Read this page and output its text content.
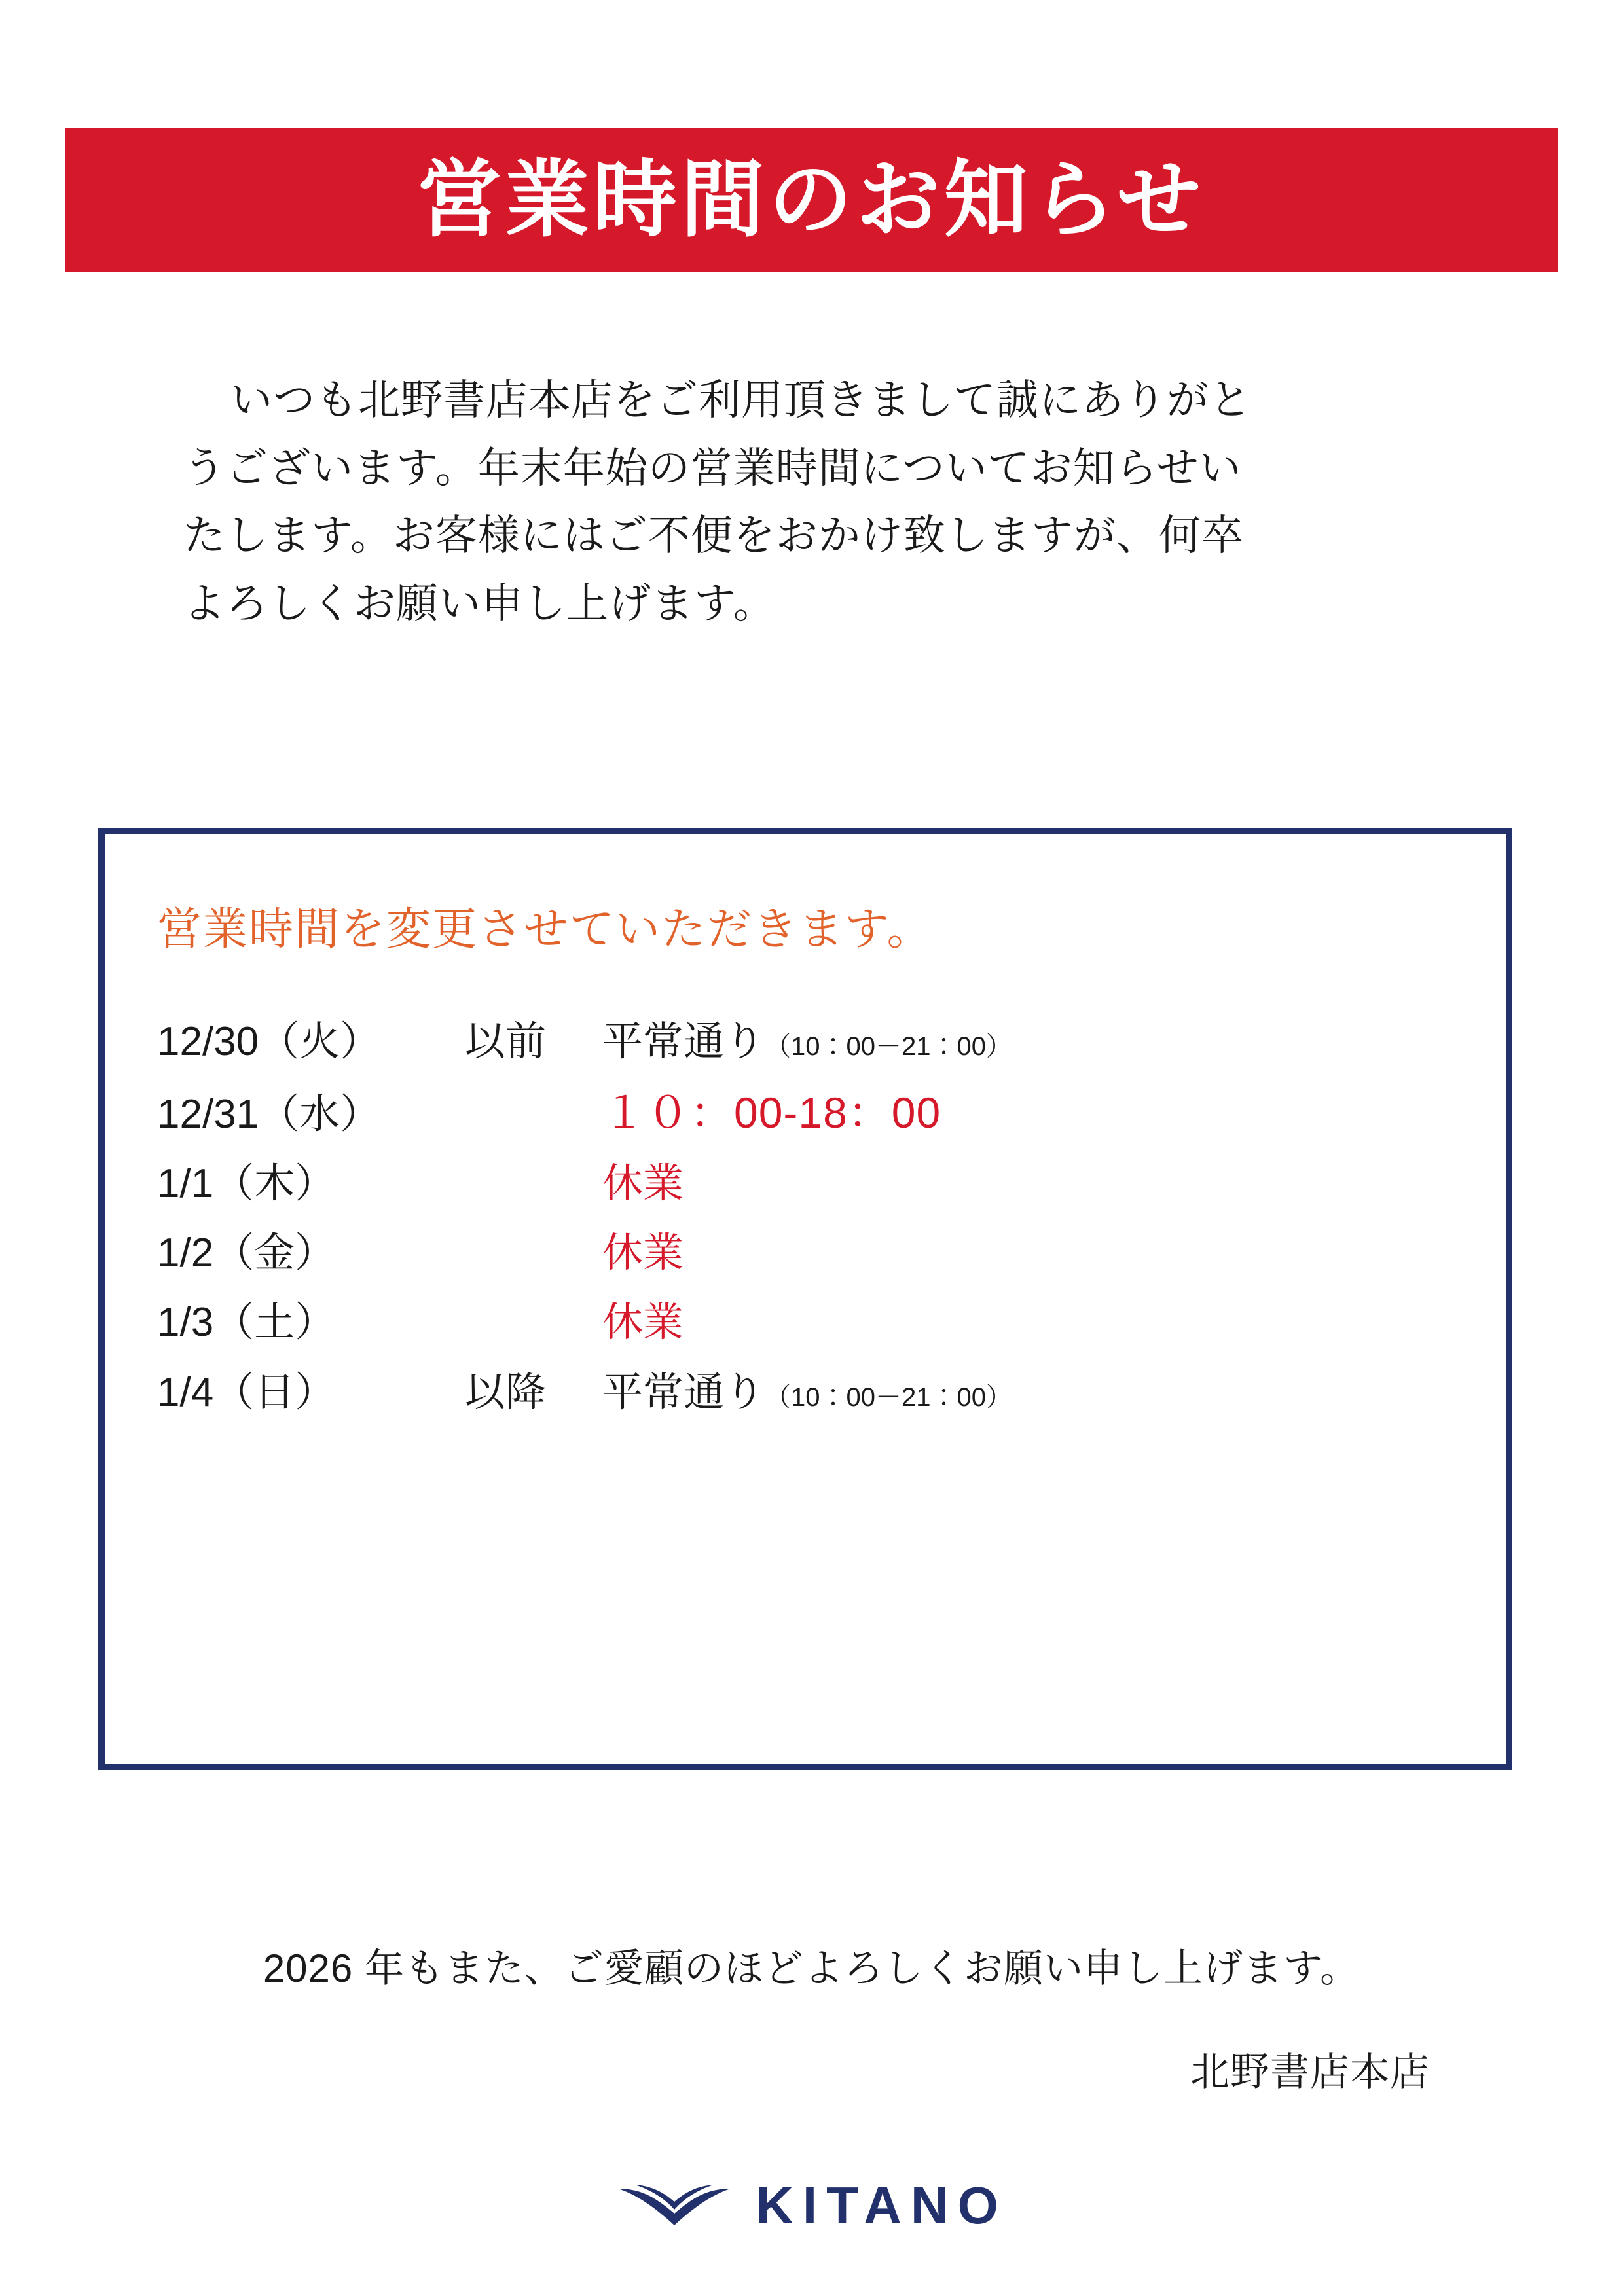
営業時間のお知らせ

いつも北野書店本店をご利用頂きまして誠にありがと

うございます。年末年始の営業時間についてお知らせい

たします。お客様にはご不便をおかけ致しますが、何卒

よろしくお願い申し上げます。

営業時間を変更させていただきます。
12/30（火）	以前	平常通り（10：00－21：00）
12/31（水）		１０：00-18：00
1/1（木）		休業
1/2（金）		休業
1/3（土）		休業
1/4（日）	以降	平常通り（10：00－21：00）

2026 年もまた、ご愛顧のほどよろしくお願い申し上げます。

北野書店本店

KITANO
